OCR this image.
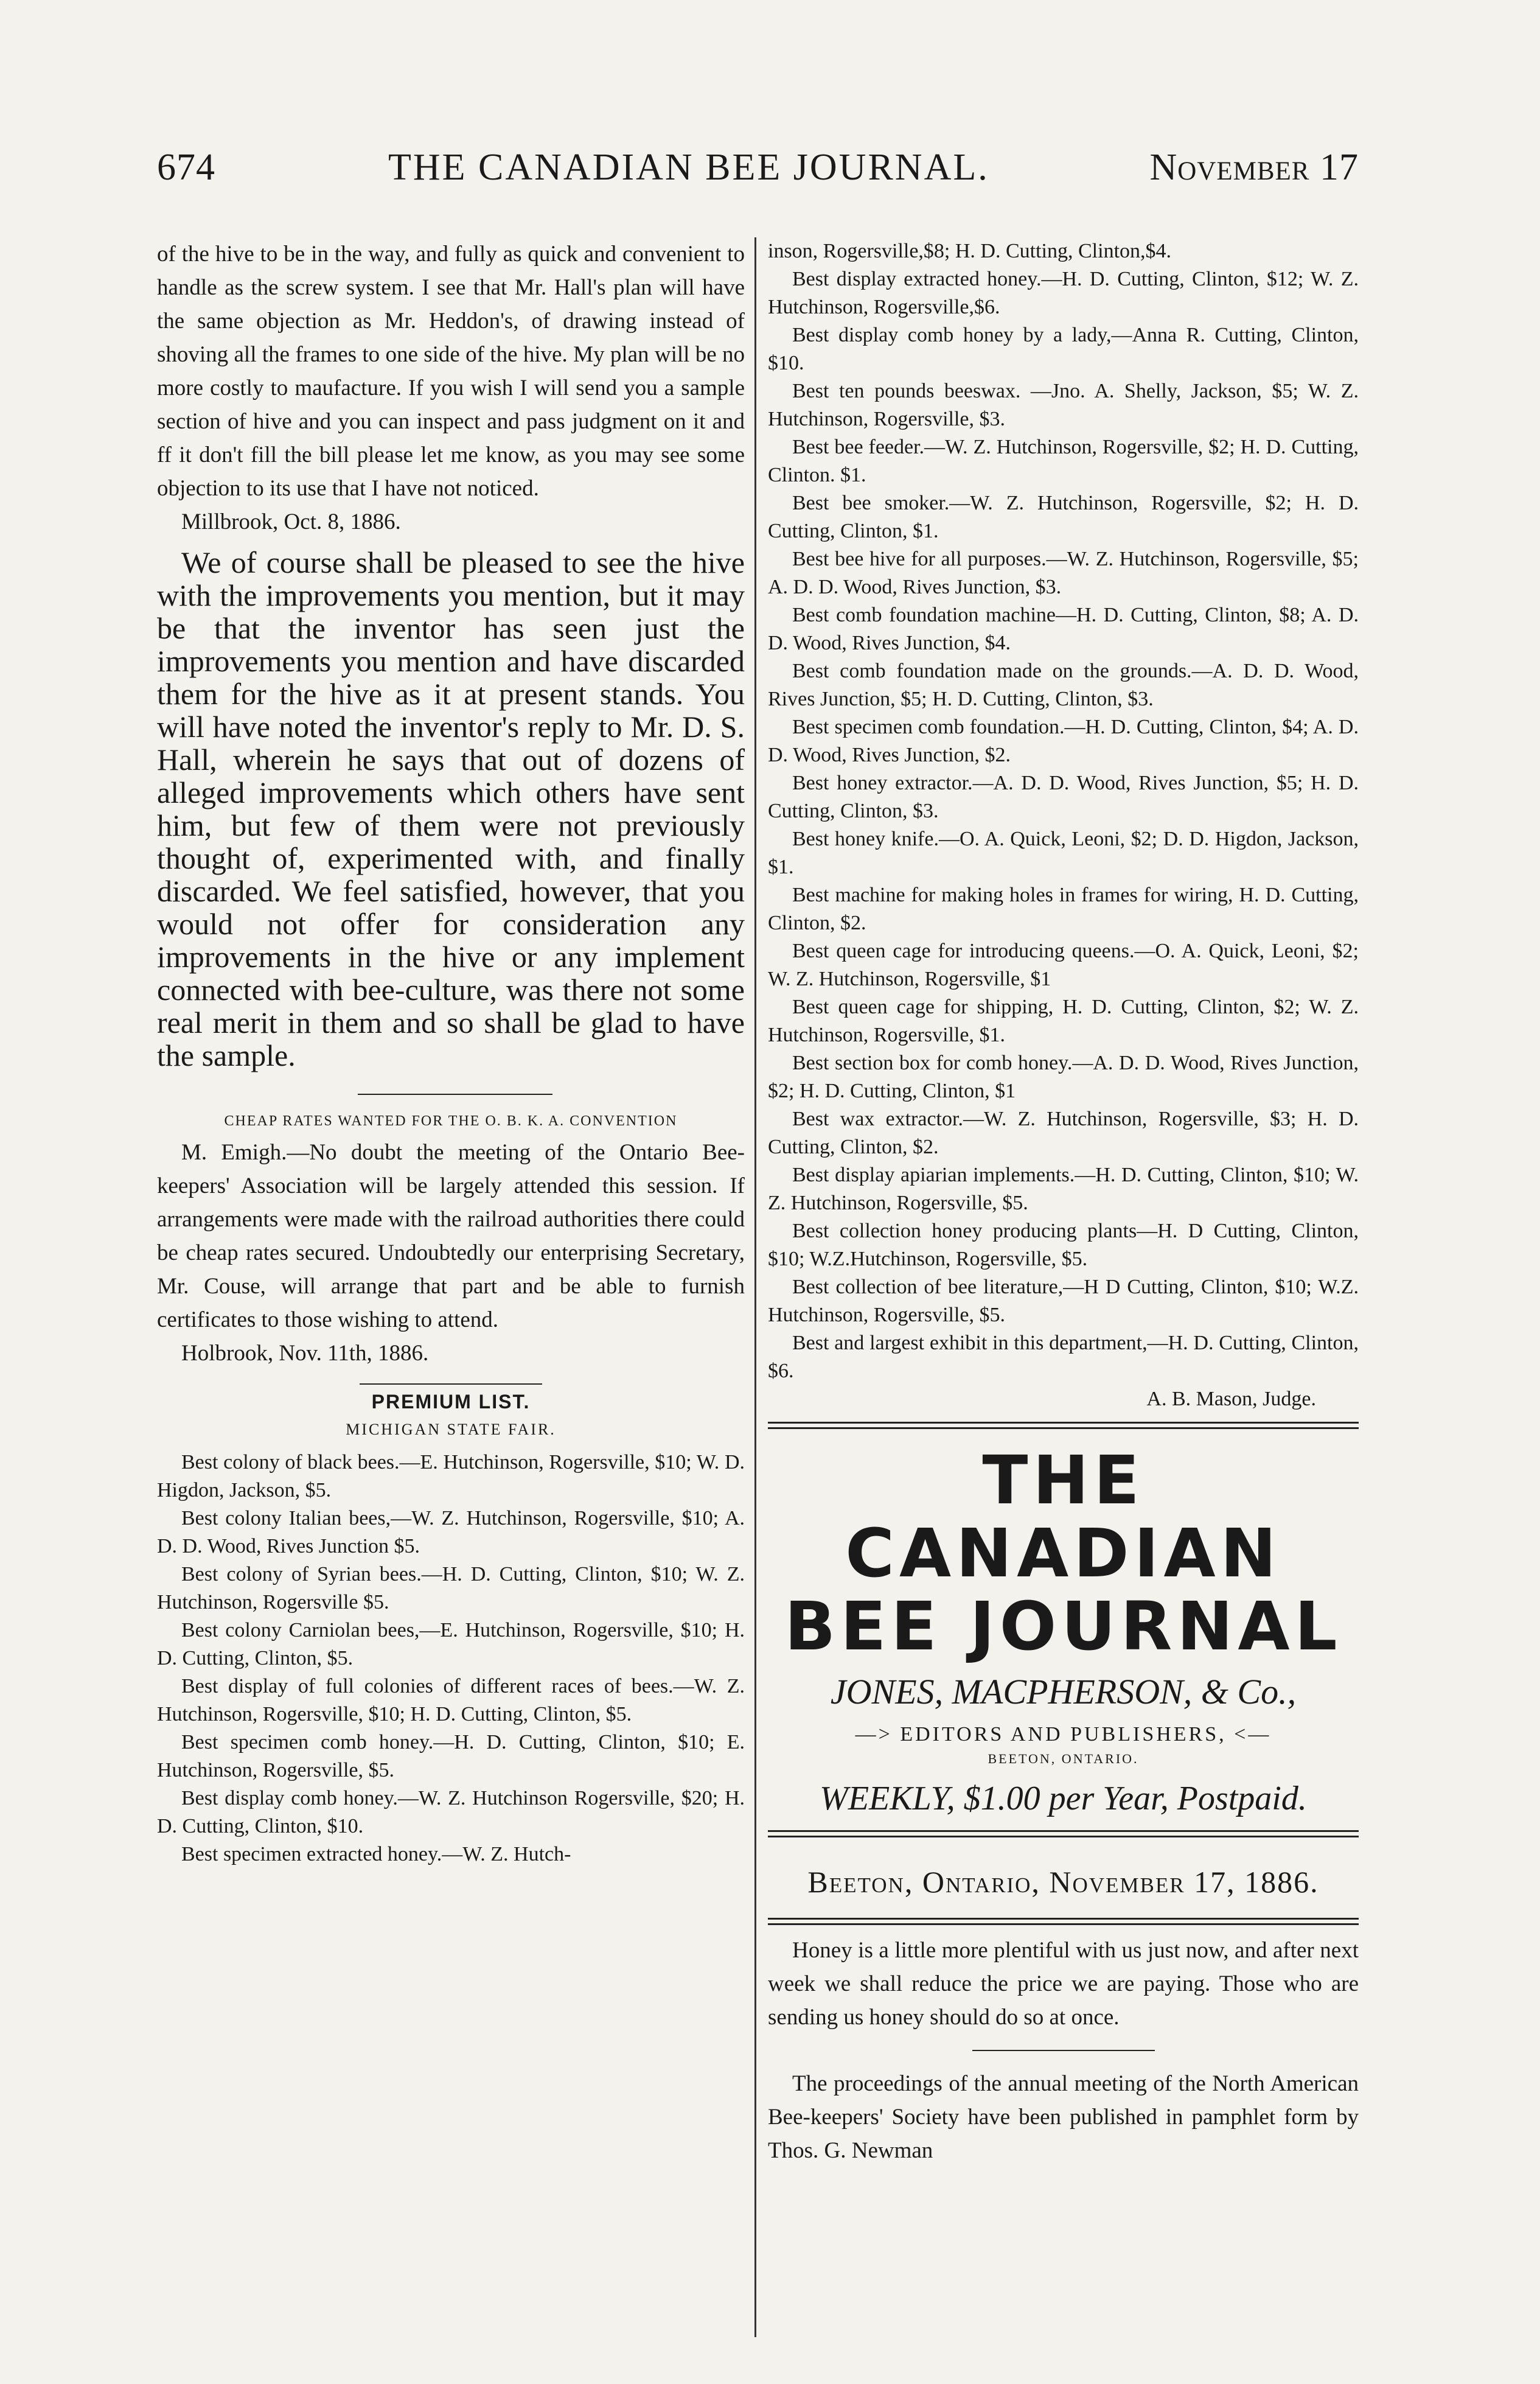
674	THE CANADIAN BEE JOURNAL.	November 17

of the hive to be in the way, and fully as quick and convenient to handle as the screw system. I see that Mr. Hall's plan will have the same objection as Mr. Heddon's, of drawing instead of shoving all the frames to one side of the hive. My plan will be no more costly to maufacture. If you wish I will send you a sample section of hive and you can inspect and pass judgment on it and ff it don't fill the bill please let me know, as you may see some objection to its use that I have not noticed.

Millbrook, Oct. 8, 1886.

We of course shall be pleased to see the hive with the improvements you mention, but it may be that the inventor has seen just the improvements you mention and have discarded them for the hive as it at present stands. You will have noted the inventor's reply to Mr. D. S. Hall, wherein he says that out of dozens of alleged improvements which others have sent him, but few of them were not previously thought of, experimented with, and finally discarded. We feel satisfied, however, that you would not offer for consideration any improvements in the hive or any implement connected with bee-culture, was there not some real merit in them and so shall be glad to have the sample.

CHEAP RATES WANTED FOR THE O. B. K. A. CONVENTION

M. Emigh.—No doubt the meeting of the Ontario Bee-keepers' Association will be largely attended this session. If arrangements were made with the railroad authorities there could be cheap rates secured. Undoubtedly our enterprising Secretary, Mr. Couse, will arrange that part and be able to furnish certificates to those wishing to attend.

Holbrook, Nov. 11th, 1886.

PREMIUM LIST.
MICHIGAN STATE FAIR.

Best colony of black bees.—E. Hutchinson, Rogersville, $10; W. D. Higdon, Jackson, $5.

Best colony Italian bees,—W. Z. Hutchinson, Rogersville, $10; A. D. D. Wood, Rives Junction $5.

Best colony of Syrian bees.—H. D. Cutting, Clinton, $10; W. Z. Hutchinson, Rogersville $5.

Best colony Carniolan bees,—E. Hutchinson, Rogersville, $10; H. D. Cutting, Clinton, $5.

Best display of full colonies of different races of bees.—W. Z. Hutchinson, Rogersville, $10; H. D. Cutting, Clinton, $5.

Best specimen comb honey.—H. D. Cutting, Clinton, $10; E. Hutchinson, Rogersville, $5.

Best display comb honey.—W. Z. Hutchinson Rogersville, $20; H. D. Cutting, Clinton, $10.

Best specimen extracted honey.—W. Z. Hutch-

inson, Rogersville,$8; H. D. Cutting, Clinton,$4.

Best display extracted honey.—H. D. Cutting, Clinton, $12; W. Z. Hutchinson, Rogersville,$6.

Best display comb honey by a lady,—Anna R. Cutting, Clinton, $10.

Best ten pounds beeswax. —Jno. A. Shelly, Jackson, $5; W. Z. Hutchinson, Rogersville, $3.

Best bee feeder.—W. Z. Hutchinson, Rogersville, $2; H. D. Cutting, Clinton. $1.

Best bee smoker.—W. Z. Hutchinson, Rogersville, $2; H. D. Cutting, Clinton, $1.

Best bee hive for all purposes.—W. Z. Hutchinson, Rogersville, $5; A. D. D. Wood, Rives Junction, $3.

Best comb foundation machine—H. D. Cutting, Clinton, $8; A. D. D. Wood, Rives Junction, $4.

Best comb foundation made on the grounds.—A. D. D. Wood, Rives Junction, $5; H. D. Cutting, Clinton, $3.

Best specimen comb foundation.—H. D. Cutting, Clinton, $4; A. D. D. Wood, Rives Junction, $2.

Best honey extractor.—A. D. D. Wood, Rives Junction, $5; H. D. Cutting, Clinton, $3.

Best honey knife.—O. A. Quick, Leoni, $2; D. D. Higdon, Jackson, $1.

Best machine for making holes in frames for wiring, H. D. Cutting, Clinton, $2.

Best queen cage for introducing queens.—O. A. Quick, Leoni, $2; W. Z. Hutchinson, Rogersville, $1

Best queen cage for shipping, H. D. Cutting, Clinton, $2; W. Z. Hutchinson, Rogersville, $1.

Best section box for comb honey.—A. D. D. Wood, Rives Junction, $2; H. D. Cutting, Clinton, $1

Best wax extractor.—W. Z. Hutchinson, Rogersville, $3; H. D. Cutting, Clinton, $2.

Best display apiarian implements.—H. D. Cutting, Clinton, $10; W. Z. Hutchinson, Rogersville, $5.

Best collection honey producing plants—H. D Cutting, Clinton, $10; W.Z.Hutchinson, Rogersville, $5.

Best collection of bee literature,—H D Cutting, Clinton, $10; W.Z. Hutchinson, Rogersville, $5.

Best and largest exhibit in this department,—H. D. Cutting, Clinton, $6.

A. B. Mason, Judge.

THE CANADIAN BEE JOURNAL
JONES, MACPHERSON, & Co.,
—> EDITORS AND PUBLISHERS, <—
BEETON, ONTARIO.
WEEKLY, $1.00 per Year, Postpaid.
Beeton, Ontario, November 17, 1886.

Honey is a little more plentiful with us just now, and after next week we shall reduce the price we are paying. Those who are sending us honey should do so at once.

The proceedings of the annual meeting of the North American Bee-keepers' Society have been published in pamphlet form by Thos. G. Newman
